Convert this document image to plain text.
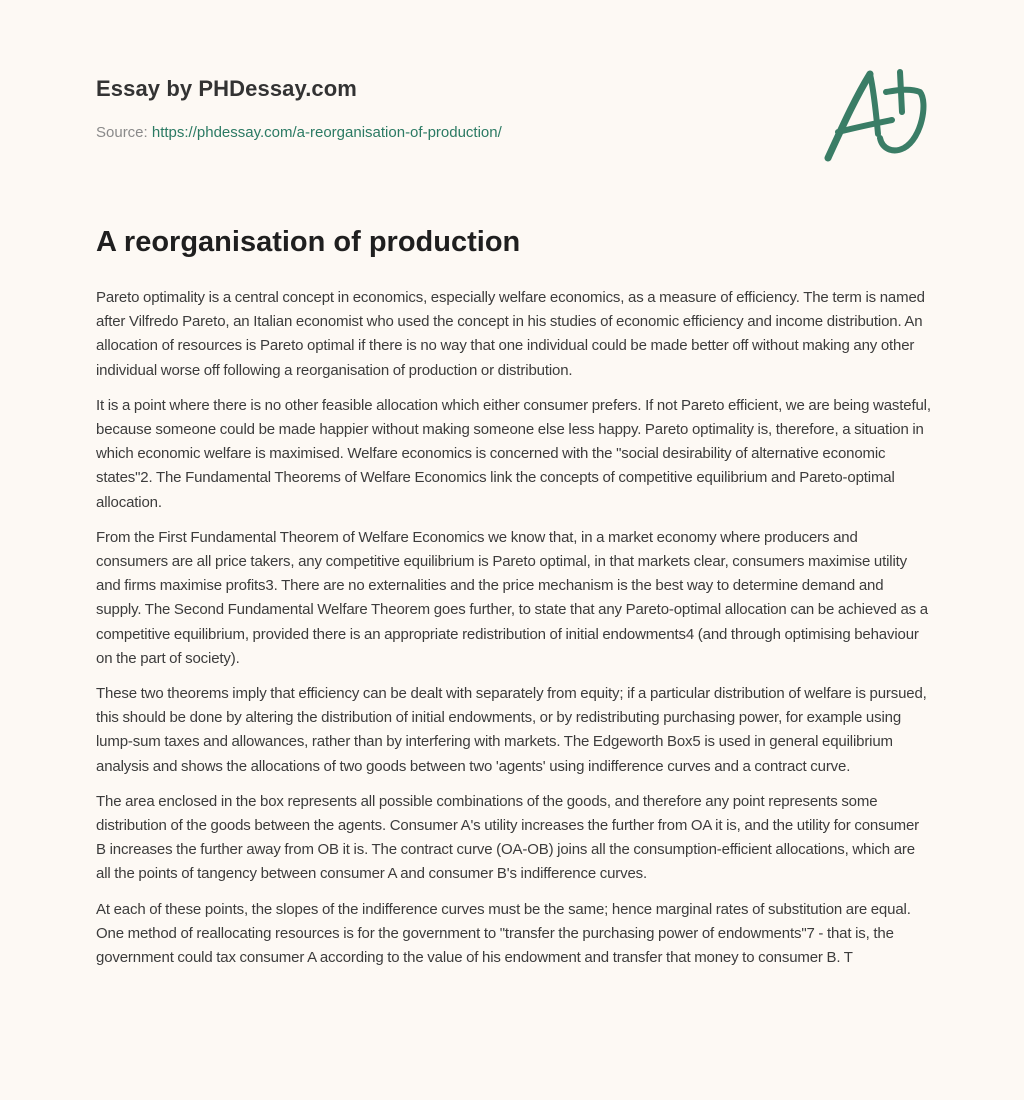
Essay by PHDessay.com
Source: https://phdessay.com/a-reorganisation-of-production/
A reorganisation of production

Pareto optimality is a central concept in economics, especially welfare economics, as a measure of efficiency. The term is named after Vilfredo Pareto, an Italian economist who used the concept in his studies of economic efficiency and income distribution. An allocation of resources is Pareto optimal if there is no way that one individual could be made better off without making any other individual worse off following a reorganisation of production or distribution.

It is a point where there is no other feasible allocation which either consumer prefers. If not Pareto efficient, we are being wasteful, because someone could be made happier without making someone else less happy. Pareto optimality is, therefore, a situation in which economic welfare is maximised. Welfare economics is concerned with the "social desirability of alternative economic states"2. The Fundamental Theorems of Welfare Economics link the concepts of competitive equilibrium and Pareto-optimal allocation.

From the First Fundamental Theorem of Welfare Economics we know that, in a market economy where producers and consumers are all price takers, any competitive equilibrium is Pareto optimal, in that markets clear, consumers maximise utility and firms maximise profits3. There are no externalities and the price mechanism is the best way to determine demand and supply. The Second Fundamental Welfare Theorem goes further, to state that any Pareto-optimal allocation can be achieved as a competitive equilibrium, provided there is an appropriate redistribution of initial endowments4 (and through optimising behaviour on the part of society).

These two theorems imply that efficiency can be dealt with separately from equity; if a particular distribution of welfare is pursued, this should be done by altering the distribution of initial endowments, or by redistributing purchasing power, for example using lump-sum taxes and allowances, rather than by interfering with markets. The Edgeworth Box5 is used in general equilibrium analysis and shows the allocations of two goods between two 'agents' using indifference curves and a contract curve.

The area enclosed in the box represents all possible combinations of the goods, and therefore any point represents some distribution of the goods between the agents. Consumer A's utility increases the further from OA it is, and the utility for consumer B increases the further away from OB it is. The contract curve (OA-OB) joins all the consumption-efficient allocations, which are all the points of tangency between consumer A and consumer B's indifference curves.

At each of these points, the slopes of the indifference curves must be the same; hence marginal rates of substitution are equal. One method of reallocating resources is for the government to "transfer the purchasing power of endowments"7 - that is, the government could tax consumer A according to the value of his endowment and transfer that money to consumer B. T
